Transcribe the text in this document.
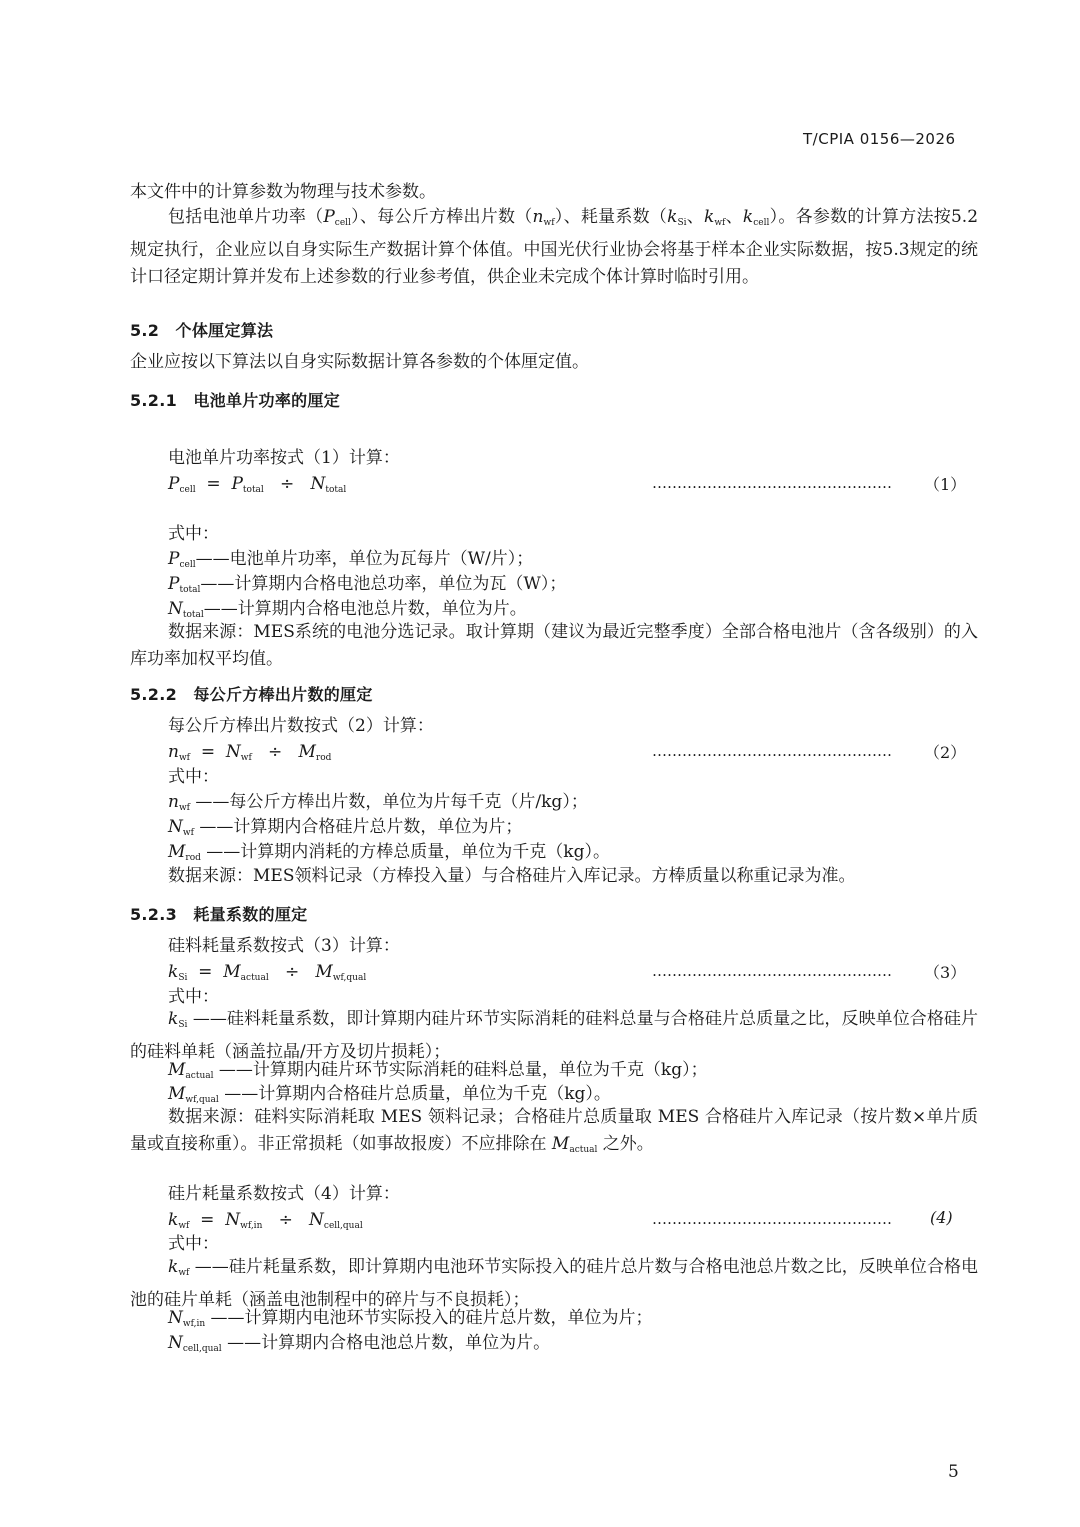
T/CPIA 0156—2026
本文件中的计算参数为物理与技术参数。
包括电池单片功率$(P_{cell})$、每公斤方棒出片数$(n_{wf})$、耗量系数（$k_{Si}$、$k_{wf}$、$k_{cell}$）。各参数的计算方法按5.2规定执行，企业应以自身实际生产数据计算个体值。中国光伏行业协会将基于样本企业实际数据，按5.3规定的统计口径定期计算并发布上述参数的行业参考值，供企业未完成个体计算时临时引用。
5.2　个体厘定算法
企业应按以下算法以自身实际数据计算各参数的个体厘定值。
5.2.1　电池单片功率的厘定
电池单片功率按式（1）计算：
$P_{cell} = P_{total} \div N_{total}$	………………………………………… （1）
式中：
$P_{cell}——$电池单片功率，单位为瓦每片（W/片）；
$P_{total}——$计算期内合格电池总功率，单位为瓦（W）；
$N_{total}——$计算期内合格电池总片数，单位为片。
数据来源：MES系统的电池分选记录。取计算期（建议为最近完整季度）全部合格电池片（含各级别）的入库功率加权平均值。
5.2.2　每公斤方棒出片数的厘定
每公斤方棒出片数按式（2）计算：
$n_{wf} = N_{wf} \div M_{rod}$	………………………………………… （2）
式中：
$n_{wf}$ ——每公斤方棒出片数，单位为片每千克（片/kg）；
$N_{wf}$ ——计算期内合格硅片总片数，单位为片；
$M_{rod}$ ——计算期内消耗的方棒总质量，单位为千克（kg）。
数据来源：MES领料记录（方棒投入量）与合格硅片入库记录。方棒质量以称重记录为准。
5.2.3　耗量系数的厘定
硅料耗量系数按式（3）计算：
$k_{Si} = M_{actual} \div M_{wf,qual}$	………………………………………… （3）
式中：
$k_{Si}$ ——硅料耗量系数，即计算期内硅片环节实际消耗的硅料总量与合格硅片总质量之比，反映单位合格硅片的硅料单耗（涵盖拉晶/开方及切片损耗）；
$M_{actual}$ ——计算期内硅片环节实际消耗的硅料总量，单位为千克（kg）；
$M_{wf,qual}$ ——计算期内合格硅片总质量，单位为千克（kg）。
数据来源：硅料实际消耗取 MES 领料记录；合格硅片总质量取 MES 合格硅片入库记录（按片数×单片质量或直接称重）。非正常损耗（如事故报废）不应排除在 $M_{actual}$ 之外。
硅片耗量系数按式（4）计算：
$k_{wf} = N_{wf,in} \div N_{cell,qual}$	………………………………………… (4)
式中：
$k_{wf}$ ——硅片耗量系数，即计算期内电池环节实际投入的硅片总片数与合格电池总片数之比，反映单位合格电池的硅片单耗（涵盖电池制程中的碎片与不良损耗）；
$N_{wf,in}$ ——计算期内电池环节实际投入的硅片总片数，单位为片；
$N_{cell,qual}$ ——计算期内合格电池总片数，单位为片。
5
